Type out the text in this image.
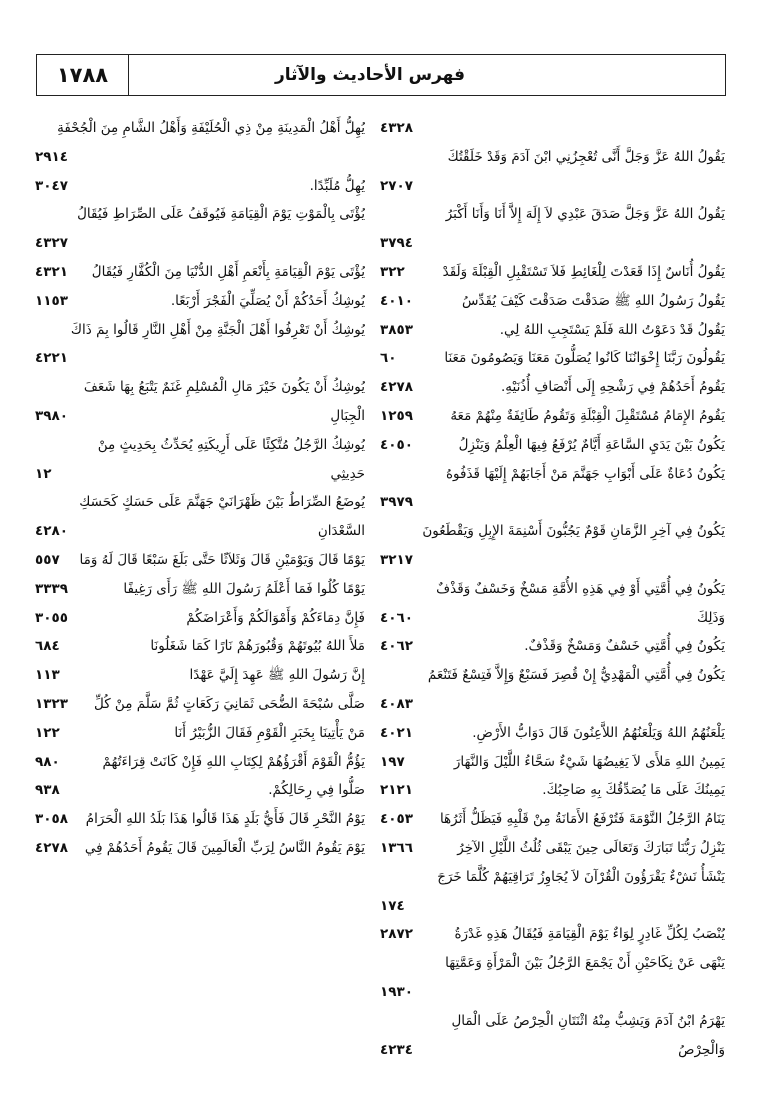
١٧٨٨	فهرس الأحاديث والآثار
٤٣٢٨
يَقُولُ اللهُ عَزَّ وَجَلَّ أَنَّى تُعْجِزُنِي ابْنَ آدَمَ وَقَدْ خَلَقْتُكَ
٢٧٠٧
يَقُولُ اللهُ عَزَّ وَجَلَّ صَدَقَ عَبْدِي لاَ إِلَهَ إِلاَّ أَنَا وَأَنَا أَكْبَرُ
٣٧٩٤
يَقُولُ أُنَاسٌ إِذَا قَعَدْتَ لِلْغَائِطِ فَلاَ تَسْتَقْبِلِ الْقِبْلَةَ وَلَقَدْ
٣٢٢
يَقُولُ رَسُولُ اللهِ ﷺ صَدَقْتَ صَدَقْتَ كَيْفَ يُقَدِّسُ
٤٠١٠
يَقُولُ قَدْ دَعَوْتُ اللهَ فَلَمْ يَسْتَجِبِ اللهُ لِي.
٣٨٥٣
يَقُولُونَ رَبَّنَا إِخْوَانُنَا كَانُوا يُصَلُّونَ مَعَنَا وَيَصُومُونَ مَعَنَا
٦٠
يَقُومُ أَحَدُهُمْ فِي رَشْحِهِ إِلَى أَنْصَافِ أُذُنَيْهِ.
٤٢٧٨
يَقُومُ الإِمَامُ مُسْتَقْبِلَ الْقِبْلَةِ وَتَقُومُ طَائِفَةٌ مِنْهُمْ مَعَهُ
١٢٥٩
يَكُونُ بَيْنَ يَدَيِ السَّاعَةِ أَيَّامٌ يُرْفَعُ فِيهَا الْعِلْمُ وَيَنْزِلُ
٤٠٥٠
يَكُونُ دُعَاةٌ عَلَى أَبْوَابِ جَهَنَّمَ مَنْ أَجَابَهُمْ إِلَيْهَا قَذَفُوهُ
٣٩٧٩
يَكُونُ فِي آخِرِ الزَّمَانِ قَوْمٌ يَجُبُّونَ أَسْنِمَةَ الإِبِلِ وَيَقْطَعُونَ
٣٢١٧
يَكُونُ فِي أُمَّتِي أَوْ فِي هَذِهِ الأُمَّةِ مَسْخٌ وَخَسْفٌ وَقَذْفٌ
وَذَلِكَ
٤٠٦٠
يَكُونُ فِي أُمَّتِي خَسْفٌ وَمَسْخٌ وَقَذْفٌ.
٤٠٦٢
يَكُونُ فِي أُمَّتِي الْمَهْدِيُّ إِنْ قُصِرَ فَسَبْعٌ وَإِلاَّ فَتِسْعٌ فَتَنْعَمُ
٤٠٨٣
يَلْعَنُهُمُ اللهُ وَيَلْعَنُهُمُ اللاَّعِنُونَ قَالَ دَوَابُّ الأَرْضِ.
٤٠٢١
يَمِينُ اللهِ مَلأَى لاَ يَغِيضُهَا شَيْءٌ سَحَّاءُ اللَّيْلَ وَالنَّهَارَ
١٩٧
يَمِينُكَ عَلَى مَا يُصَدِّقُكَ بِهِ صَاحِبُكَ.
٢١٢١
يَنَامُ الرَّجُلُ النَّوْمَةَ فَتُرْفَعُ الأَمَانَةُ مِنْ قَلْبِهِ فَيَظَلُّ أَثَرُهَا
٤٠٥٣
يَنْزِلُ رَبُّنَا تَبَارَكَ وَتَعَالَى حِينَ يَبْقَى ثُلُثُ اللَّيْلِ الآخِرُ
١٣٦٦
يَنْشَأُ نَشْءٌ يَقْرَؤُونَ الْقُرْآنَ لاَ يُجَاوِزُ تَرَاقِيَهُمْ كُلَّمَا خَرَجَ
١٧٤
يُنْصَبُ لِكُلِّ غَادِرٍ لِوَاءٌ يَوْمَ الْقِيَامَةِ فَيُقَالُ هَذِهِ غَدْرَةُ
٢٨٧٢
يَنْهَى عَنْ نِكَاحَيْنِ أَنْ يَجْمَعَ الرَّجُلُ بَيْنَ الْمَرْأَةِ وَعَمَّتِهَا
١٩٣٠
يَهْرَمُ ابْنُ آدَمَ وَيَشِبُّ مِنْهُ اثْنَتَانِ الْحِرْصُ عَلَى الْمَالِ
وَالْحِرْصُ
٤٢٣٤
يُهِلُّ أَهْلُ الْمَدِينَةِ مِنْ ذِي الْحُلَيْفَةِ وَأَهْلُ الشَّامِ مِنَ الْجُحْفَةِ
٢٩١٤
يُهِلُّ مُلَبِّدًا.
٣٠٤٧
يُؤْتَى بِالْمَوْتِ يَوْمَ الْقِيَامَةِ فَيُوقَفُ عَلَى الصِّرَاطِ فَيُقَالُ
٤٣٢٧
يُؤْتَى يَوْمَ الْقِيَامَةِ بِأَنْعَمِ أَهْلِ الدُّنْيَا مِنَ الْكُفَّارِ فَيُقَالُ
٤٣٢١
يُوشِكُ أَحَدُكُمْ أَنْ يُصَلِّيَ الْفَجْرَ أَرْبَعًا.
١١٥٣
يُوشِكُ أَنْ تَعْرِفُوا أَهْلَ الْجَنَّةِ مِنْ أَهْلِ النَّارِ قَالُوا بِمَ ذَاكَ
٤٢٢١
يُوشِكُ أَنْ يَكُونَ خَيْرَ مَالِ الْمُسْلِمِ غَنَمٌ يَتْبَعُ بِهَا شَعَفَ
الْجِبَالِ
٣٩٨٠
يُوشِكُ الرَّجُلُ مُتَّكِئًا عَلَى أَرِيكَتِهِ يُحَدِّثُ بِحَدِيثٍ مِنْ
حَدِيثِي
١٢
يُوضَعُ الصِّرَاطُ بَيْنَ ظَهْرَانَيْ جَهَنَّمَ عَلَى حَسَكٍ كَحَسَكِ
السَّعْدَانِ
٤٢٨٠
يَوْمًا قَالَ وَيَوْمَيْنِ قَالَ وَثَلاَثًا حَتَّى بَلَغَ سَبْعًا قَالَ لَهُ وَمَا
٥٥٧
يَوْمًا كُلُوا فَمَا أَعْلَمُ رَسُولَ اللهِ ﷺ رَأَى رَغِيفًا
٣٣٣٩
فَإِنَّ دِمَاءَكُمْ وَأَمْوَالَكُمْ وَأَعْرَاضَكُمْ
٣٠٥٥
مَلأَ اللهُ بُيُوتَهُمْ وَقُبُورَهُمْ نَارًا كَمَا شَغَلُونَا
٦٨٤
إِنَّ رَسُولَ اللهِ ﷺ عَهِدَ إِلَيَّ عَهْدًا
١١٣
صَلَّى سُبْحَةَ الضُّحَى ثَمَانِيَ رَكَعَاتٍ ثُمَّ سَلَّمَ مِنْ كُلِّ
١٣٢٣
مَنْ يَأْتِينَا بِخَبَرِ الْقَوْمِ فَقَالَ الزُّبَيْرُ أَنَا
١٢٢
يَؤُمُّ الْقَوْمَ أَقْرَؤُهُمْ لِكِتَابِ اللهِ فَإِنْ كَانَتْ قِرَاءَتُهُمْ
٩٨٠
صَلُّوا فِي رِحَالِكُمْ.
٩٣٨
يَوْمُ النَّحْرِ قَالَ فَأَيُّ بَلَدٍ هَذَا قَالُوا هَذَا بَلَدُ اللهِ الْحَرَامُ
٣٠٥٨
يَوْمَ يَقُومُ النَّاسُ لِرَبِّ الْعَالَمِينَ قَالَ يَقُومُ أَحَدُهُمْ فِي
٤٢٧٨
